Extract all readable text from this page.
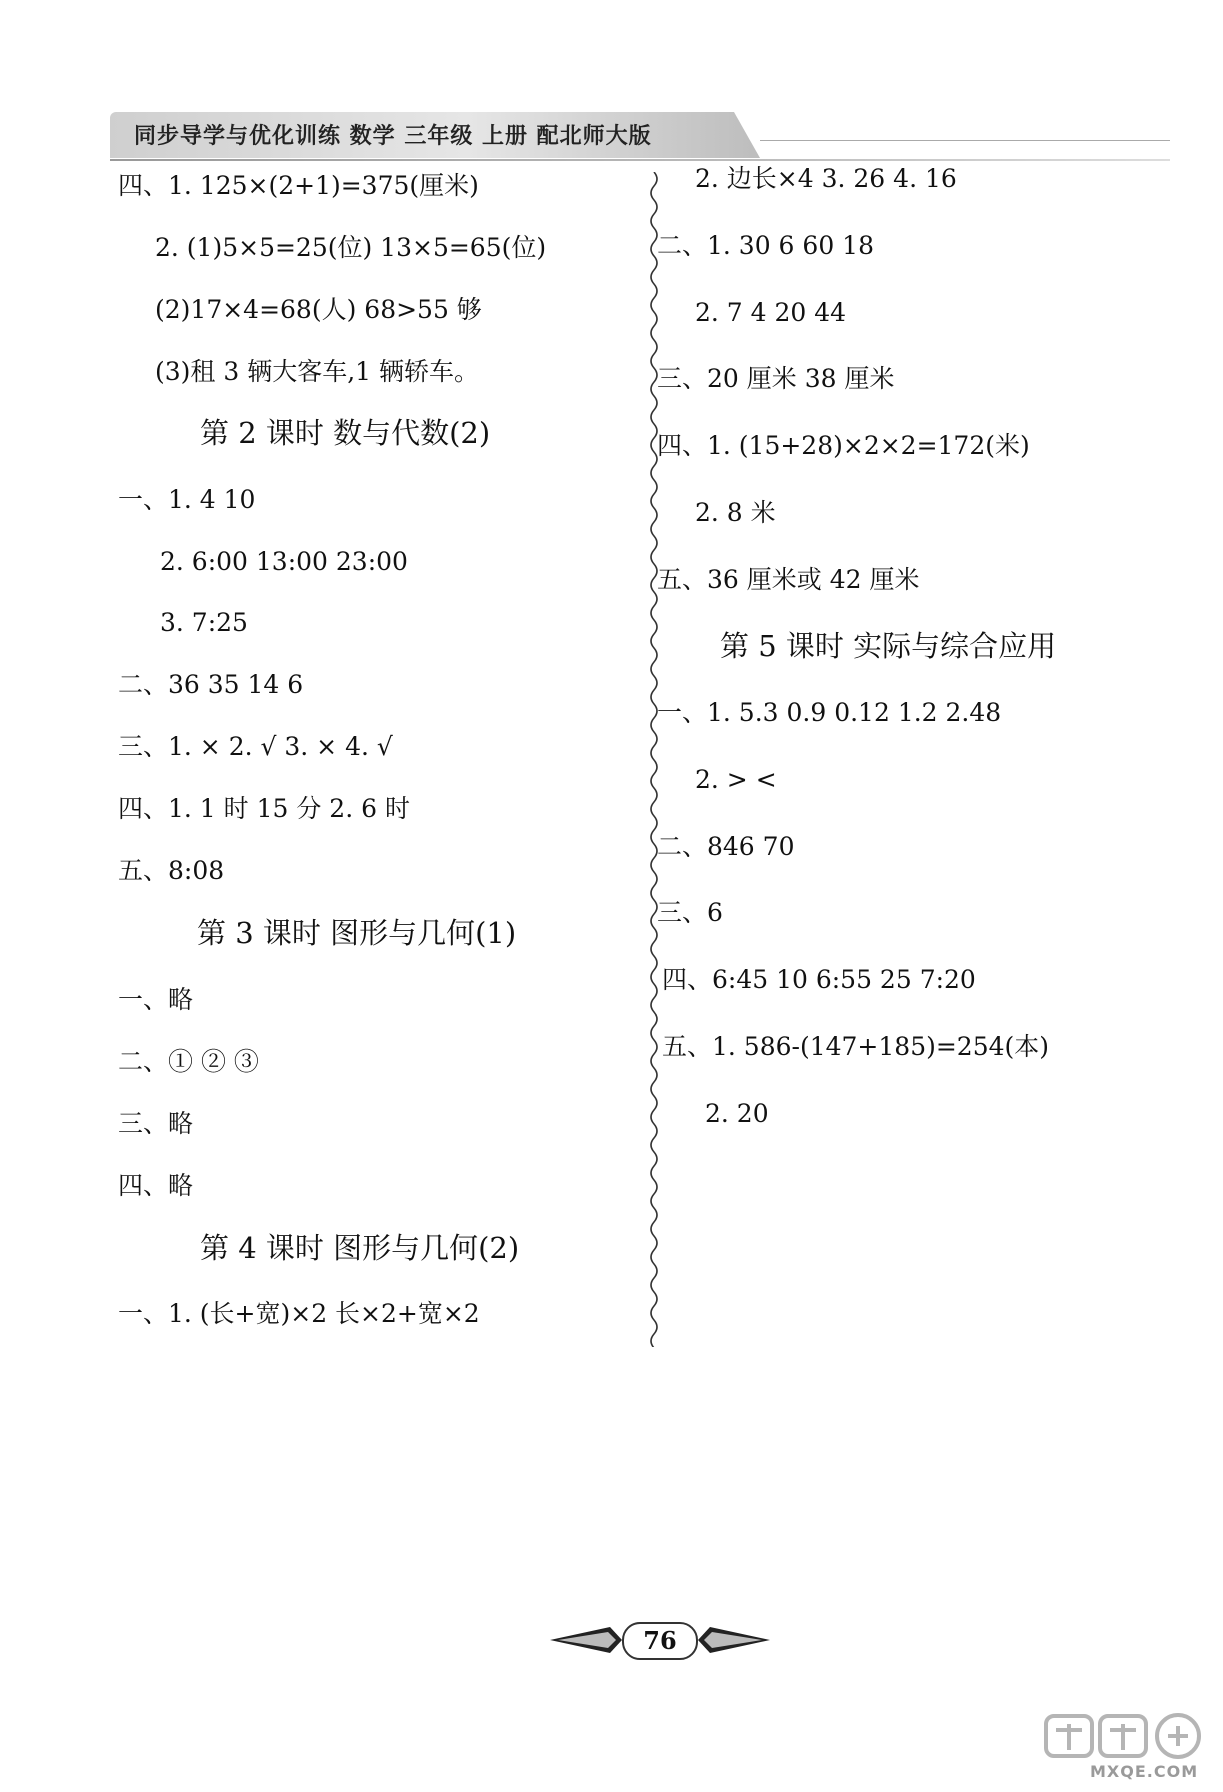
同步导学与优化训练 数学 三年级 上册 配北师大版
四、1. 125×(2+1)=375(厘米)
2. (1)5×5=25(位) 13×5=65(位)
(2)17×4=68(人) 68>55 够
(3)租 3 辆大客车,1 辆轿车。
第 2 课时 数与代数(2)
一、1. 4 10
2. 6:00 13:00 23:00
3. 7:25
二、36 35 14 6
三、1. × 2. √ 3. × 4. √
四、1. 1 时 15 分 2. 6 时
五、8:08
第 3 课时 图形与几何(1)
一、略
二、① ② ③
三、略
四、略
第 4 课时 图形与几何(2)
一、1. (长+宽)×2 长×2+宽×2
2. 边长×4 3. 26 4. 16
二、1. 30 6 60 18
2. 7 4 20 44
三、20 厘米 38 厘米
四、1. (15+28)×2×2=172(米)
2. 8 米
五、36 厘米或 42 厘米
第 5 课时 实际与综合应用
一、1. 5.3 0.9 0.12 1.2 2.48
2. > <
二、846 70
三、6
四、6:45 10 6:55 25 7:20
五、1. 586-(147+185)=254(本)
2. 20
76
MXQE.COM
